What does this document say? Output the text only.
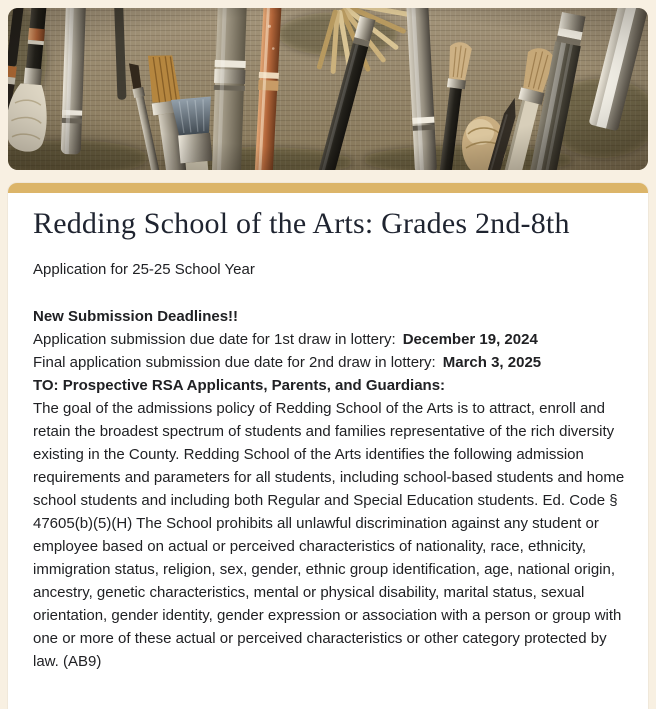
Redding School of the Arts: Grades 2nd-8th
Application for 25-25 School Year

New Submission Deadlines!!

Application submission due date for 1st draw in lottery: December 19, 2024

Final application submission due date for 2nd draw in lottery: March 3, 2025

TO: Prospective RSA Applicants, Parents, and Guardians:

The goal of the admissions policy of Redding School of the Arts is to attract, enroll and retain the broadest spectrum of students and families representative of the rich diversity existing in the County. Redding School of the Arts identifies the following admission requirements and parameters for all students, including school-based students and home school students and including both Regular and Special Education students. Ed. Code § 47605(b)(5)(H) The School prohibits all unlawful discrimination against any student or employee based on actual or perceived characteristics of nationality, race, ethnicity, immigration status, religion, sex, gender, ethnic group identification, age, national origin, ancestry, genetic characteristics, mental or physical disability, marital status, sexual orientation, gender identity, gender expression or association with a person or group with one or more of these actual or perceived characteristics or other category protected by law. (AB9)
